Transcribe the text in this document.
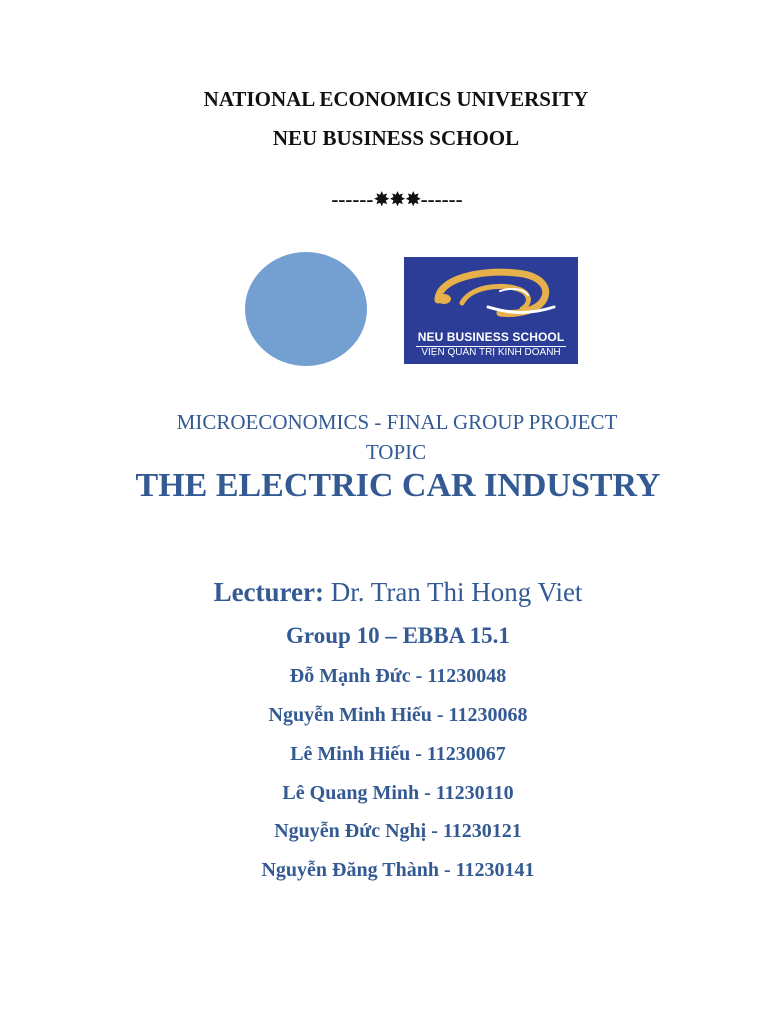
NATIONAL ECONOMICS UNIVERSITY
NEU BUSINESS SCHOOL
------✸✸✸------
NEU BUSINESS SCHOOL
VIỆN QUẢN TRỊ KINH DOANH
MICROECONOMICS - FINAL GROUP PROJECT
TOPIC
THE ELECTRIC CAR INDUSTRY
Lecturer: Dr. Tran Thi Hong Viet
Group 10 – EBBA 15.1
Đỗ Mạnh Đức - 11230048
Nguyễn Minh Hiếu - 11230068
Lê Minh Hiếu - 11230067
Lê Quang Minh - 11230110
Nguyễn Đức Nghị - 11230121
Nguyễn Đăng Thành - 11230141
